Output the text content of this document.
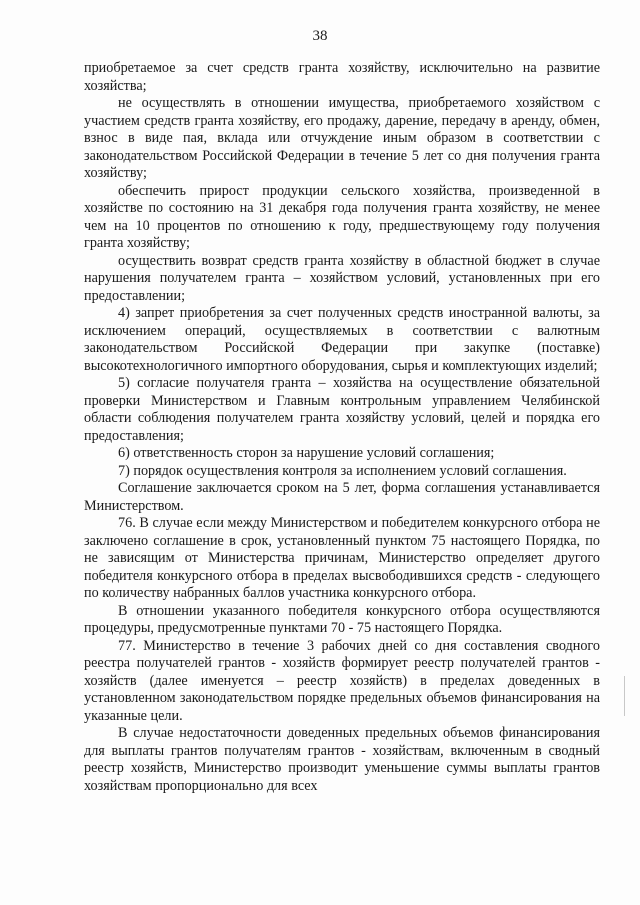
38

приобретаемое за счет средств гранта хозяйству, исключительно на развитие хозяйства;

не осуществлять в отношении имущества, приобретаемого хозяйством с участием средств гранта хозяйству, его продажу, дарение, передачу в аренду, обмен, взнос в виде пая, вклада или отчуждение иным образом в соответствии с законодательством Российской Федерации в течение 5 лет со дня получения гранта хозяйству;

обеспечить прирост продукции сельского хозяйства, произведенной в хозяйстве по состоянию на 31 декабря года получения гранта хозяйству, не менее чем на 10 процентов по отношению к году, предшествующему году получения гранта хозяйству;

осуществить возврат средств гранта хозяйству в областной бюджет в случае нарушения получателем гранта – хозяйством условий, установленных при его предоставлении;

4) запрет приобретения за счет полученных средств иностранной валюты, за исключением операций, осуществляемых в соответствии с валютным законодательством Российской Федерации при закупке (поставке) высокотехнологичного импортного оборудования, сырья и комплектующих изделий;

5) согласие получателя гранта – хозяйства на осуществление обязательной проверки Министерством и Главным контрольным управлением Челябинской области соблюдения получателем гранта хозяйству условий, целей и порядка его предоставления;

6) ответственность сторон за нарушение условий соглашения;

7) порядок осуществления контроля за исполнением условий соглашения.

Соглашение заключается сроком на 5 лет, форма соглашения устанавливается Министерством.

76. В случае если между Министерством и победителем конкурсного отбора не заключено соглашение в срок, установленный пунктом 75 настоящего Порядка, по не зависящим от Министерства причинам, Министерство определяет другого победителя конкурсного отбора в пределах высвободившихся средств - следующего по количеству набранных баллов участника конкурсного отбора.

В отношении указанного победителя конкурсного отбора осуществляются процедуры, предусмотренные пунктами 70 - 75 настоящего Порядка.

77. Министерство в течение 3 рабочих дней со дня составления сводного реестра получателей грантов - хозяйств формирует реестр получателей грантов - хозяйств (далее именуется – реестр хозяйств) в пределах доведенных в установленном законодательством порядке предельных объемов финансирования на указанные цели.

В случае недостаточности доведенных предельных объемов финансирования для выплаты грантов получателям грантов - хозяйствам, включенным в сводный реестр хозяйств, Министерство производит уменьшение суммы выплаты грантов хозяйствам пропорционально для всех
